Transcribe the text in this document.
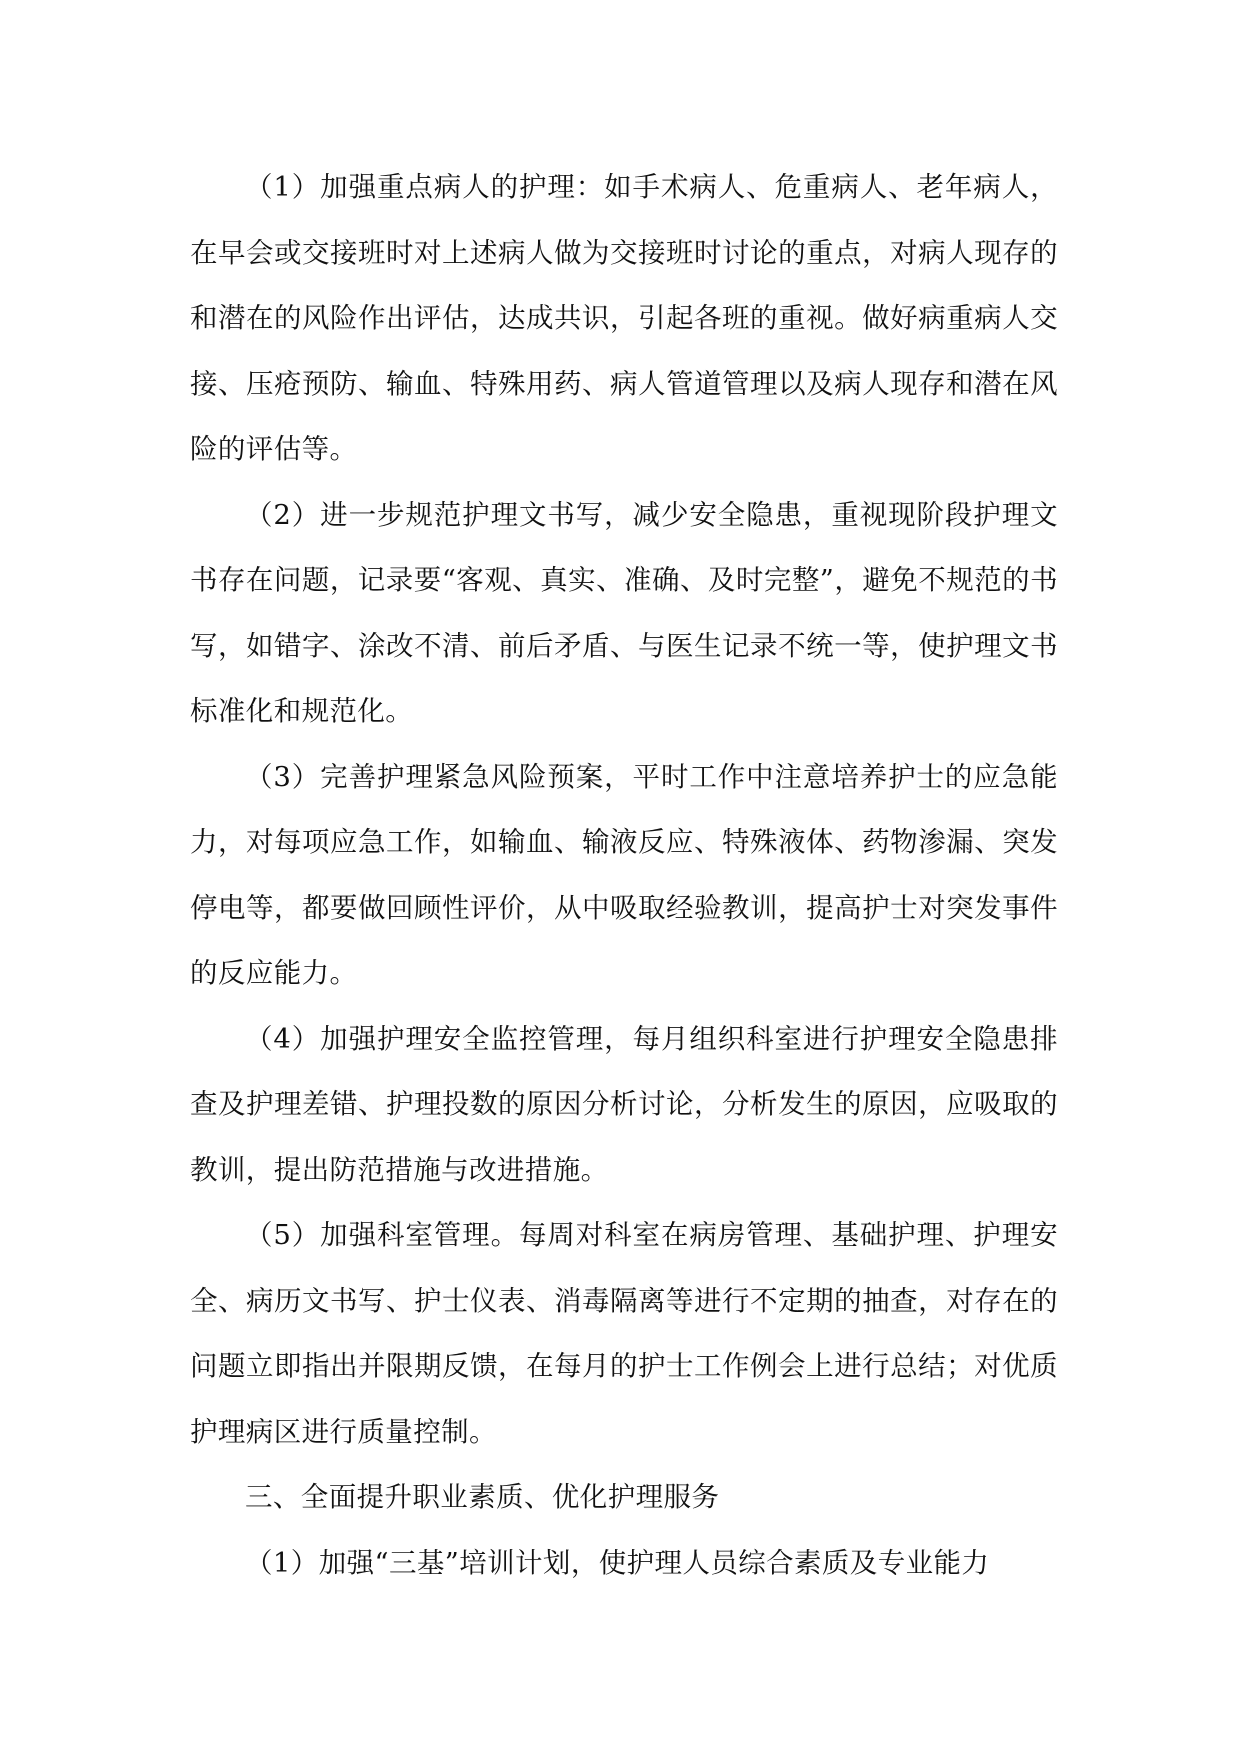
（1）加强重点病人的护理：如手术病人、危重病人、老年病人，在早会或交接班时对上述病人做为交接班时讨论的重点，对病人现存的和潜在的风险作出评估，达成共识，引起各班的重视。做好病重病人交接、压疮预防、输血、特殊用药、病人管道管理以及病人现存和潜在风险的评估等。

（2）进一步规范护理文书写，减少安全隐患，重视现阶段护理文书存在问题，记录要“客观、真实、准确、及时完整”，避免不规范的书写，如错字、涂改不清、前后矛盾、与医生记录不统一等，使护理文书标准化和规范化。

（3）完善护理紧急风险预案，平时工作中注意培养护士的应急能力，对每项应急工作，如输血、输液反应、特殊液体、药物渗漏、突发停电等，都要做回顾性评价，从中吸取经验教训，提高护士对突发事件的反应能力。

（4）加强护理安全监控管理，每月组织科室进行护理安全隐患排查及护理差错、护理投数的原因分析讨论，分析发生的原因，应吸取的教训，提出防范措施与改进措施。

（5）加强科室管理。每周对科室在病房管理、基础护理、护理安全、病历文书写、护士仪表、消毒隔离等进行不定期的抽查，对存在的问题立即指出并限期反馈，在每月的护士工作例会上进行总结；对优质护理病区进行质量控制。

三、全面提升职业素质、优化护理服务

（1）加强“三基”培训计划，使护理人员综合素质及专业能力
